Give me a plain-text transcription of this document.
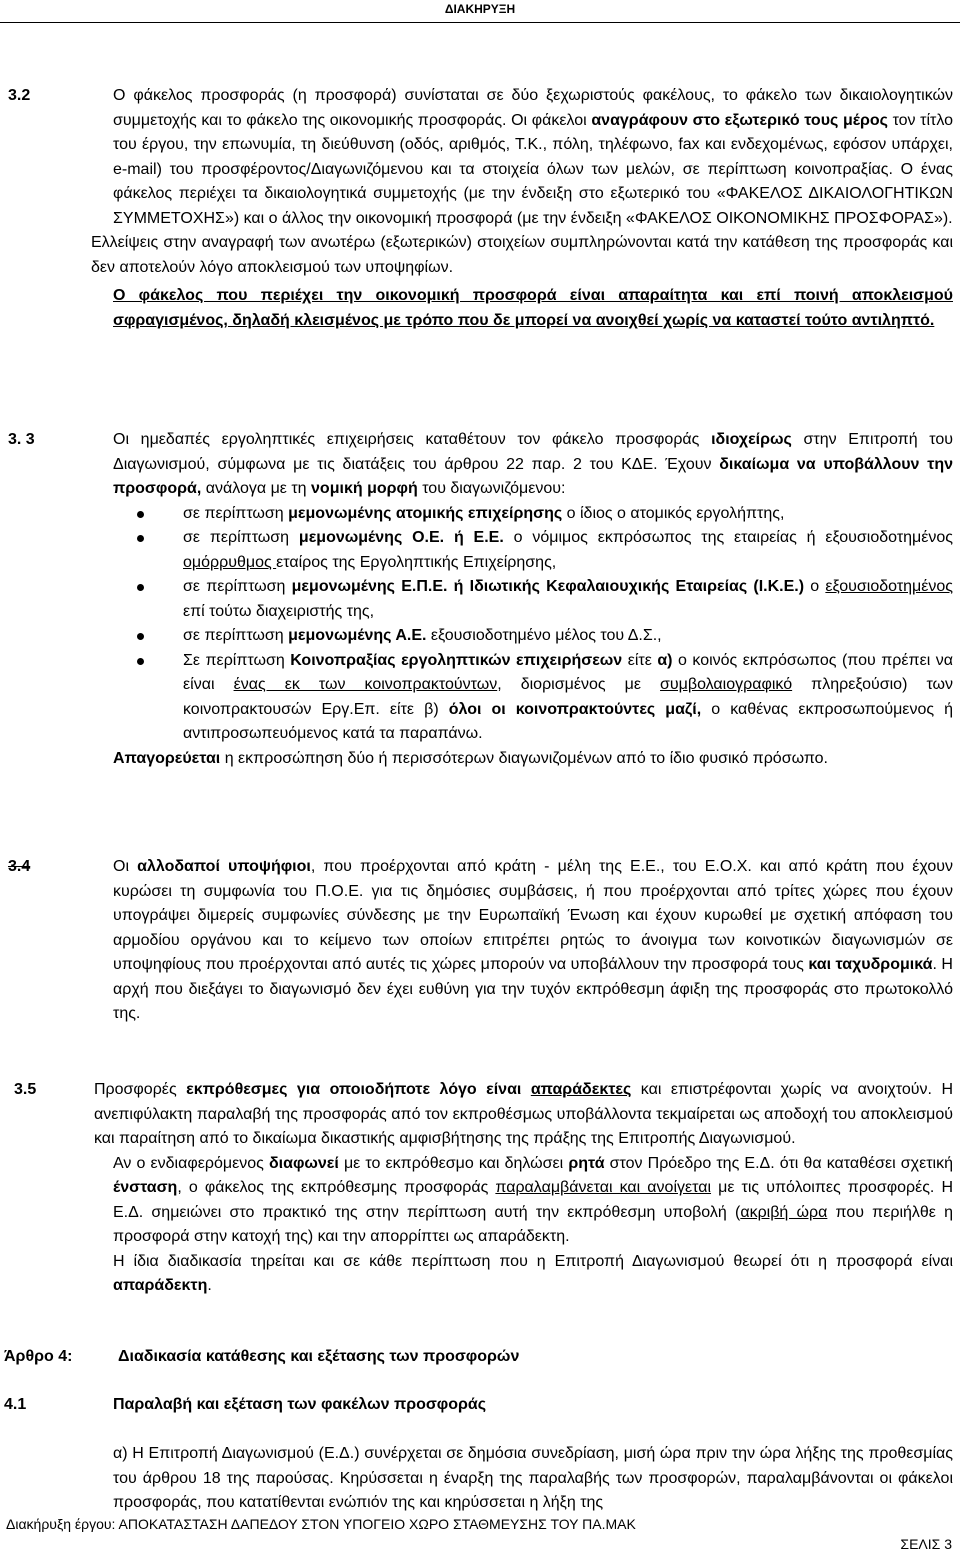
ΔΙΑΚΗΡΥΞΗ
3.2	Ο φάκελος προσφοράς (η προσφορά) συνίσταται σε δύο ξεχωριστούς φακέλους, το φάκελο των δικαιολογητικών συμμετοχής και το φάκελο της οικονομικής προσφοράς. Οι φάκελοι αναγράφουν στο εξωτερικό τους μέρος τον τίτλο του έργου, την επωνυμία, τη διεύθυνση (οδός, αριθμός, Τ.Κ., πόλη, τηλέφωνο, fax και ενδεχομένως, εφόσον υπάρχει, e-mail) του προσφέροντος/Διαγωνιζόμενου και τα στοιχεία όλων των μελών, σε περίπτωση κοινοπραξίας. Ο ένας φάκελος περιέχει τα δικαιολογητικά συμμετοχής (με την ένδειξη στο εξωτερικό του «ΦΑΚΕΛΟΣ ΔΙΚΑΙΟΛΟΓΗΤΙΚΩΝ ΣΥΜΜΕΤΟΧΗΣ») και ο άλλος την οικονομική προσφορά (με την ένδειξη «ΦΑΚΕΛΟΣ ΟΙΚΟΝΟΜΙΚΗΣ ΠΡΟΣΦΟΡΑΣ»).

Ελλείψεις στην αναγραφή των ανωτέρω (εξωτερικών) στοιχείων συμπληρώνονται κατά την κατάθεση της προσφοράς και δεν αποτελούν λόγο αποκλεισμού των υποψηφίων.

Ο φάκελος που περιέχει την οικονομική προσφορά είναι απαραίτητα και επί ποινή αποκλεισμού σφραγισμένος, δηλαδή κλεισμένος με τρόπο που δε μπορεί να ανοιχθεί χωρίς να καταστεί τούτο αντιληπτό.

3. 3	Οι ημεδαπές εργοληπτικές επιχειρήσεις καταθέτουν τον φάκελο προσφοράς ιδιοχείρως στην Επιτροπή του Διαγωνισμού, σύμφωνα με τις διατάξεις του άρθρου 22 παρ. 2 του ΚΔΕ. Έχουν δικαίωμα να υποβάλλουν την προσφορά, ανάλογα με τη νομική μορφή του διαγωνιζόμενου:

σε περίπτωση μεμονωμένης ατομικής επιχείρησης ο ίδιος ο ατομικός εργολήπτης,
σε περίπτωση μεμονωμένης Ο.Ε. ή Ε.Ε. ο νόμιμος εκπρόσωπος της εταιρείας ή εξουσιοδοτημένος ομόρρυθμος εταίρος της Εργοληπτικής Επιχείρησης,
σε περίπτωση μεμονωμένης Ε.Π.Ε. ή Ιδιωτικής Κεφαλαιουχικής Εταιρείας (Ι.Κ.Ε.) ο εξουσιοδοτημένος επί τούτω διαχειριστής της,
σε περίπτωση μεμονωμένης Α.Ε. εξουσιοδοτημένο μέλος του Δ.Σ.,
Σε περίπτωση Κοινοπραξίας εργοληπτικών επιχειρήσεων είτε α) ο κοινός εκπρόσωπος (που πρέπει να είναι ένας εκ των κοινοπρακτούντων, διορισμένος με συμβολαιογραφικό πληρεξούσιο) των κοινοπρακτουσών Εργ.Επ. είτε β) όλοι οι κοινοπρακτούντες μαζί, ο καθένας εκπροσωπούμενος ή αντιπροσωπευόμενος κατά τα παραπάνω.

Απαγορεύεται η εκπροσώπηση δύο ή περισσότερων διαγωνιζομένων από το ίδιο φυσικό πρόσωπο.

3.4	Οι αλλοδαποί υποψήφιοι, που προέρχονται από κράτη - μέλη της Ε.Ε., του Ε.Ο.Χ. και από κράτη που έχουν κυρώσει τη συμφωνία του Π.Ο.Ε. για τις δημόσιες συμβάσεις, ή που προέρχονται από τρίτες χώρες που έχουν υπογράψει διμερείς συμφωνίες σύνδεσης με την Ευρωπαϊκή Ένωση και έχουν κυρωθεί με σχετική απόφαση του αρμοδίου οργάνου και το κείμενο των οποίων επιτρέπει ρητώς το άνοιγμα των κοινοτικών διαγωνισμών σε υποψηφίους που προέρχονται από αυτές τις χώρες μπορούν να υποβάλλουν την προσφορά τους και ταχυδρομικά. Η αρχή που διεξάγει το διαγωνισμό δεν έχει ευθύνη για την τυχόν εκπρόθεσμη άφιξη της προσφοράς στο πρωτοκολλό της.

3.5	Προσφορές εκπρόθεσμες για οποιοδήποτε λόγο είναι απαράδεκτες και επιστρέφονται χωρίς να ανοιχτούν. Η ανεπιφύλακτη παραλαβή της προσφοράς από τον εκπροθέσμως υποβάλλοντα τεκμαίρεται ως αποδοχή του αποκλεισμού και παραίτηση από το δικαίωμα δικαστικής αμφισβήτησης της πράξης της Επιτροπής Διαγωνισμού.

Αν ο ενδιαφερόμενος διαφωνεί με το εκπρόθεσμο και δηλώσει ρητά στον Πρόεδρο της Ε.Δ. ότι θα καταθέσει σχετική ένσταση, ο φάκελος της εκπρόθεσμης προσφοράς παραλαμβάνεται και ανοίγεται με τις υπόλοιπες προσφορές. Η Ε.Δ. σημειώνει στο πρακτικό της στην περίπτωση αυτή την εκπρόθεσμη υποβολή (ακριβή ώρα που περιήλθε η προσφορά στην κατοχή της) και την απορρίπτει ως απαράδεκτη.

Η ίδια διαδικασία τηρείται και σε κάθε περίπτωση που η Επιτροπή Διαγωνισμού θεωρεί ότι η προσφορά είναι απαράδεκτη.

Άρθρο 4:	Διαδικασία κατάθεσης και εξέτασης των προσφορών
4.1	Παραλαβή και εξέταση των φακέλων προσφοράς
α) Η Επιτροπή Διαγωνισμού (Ε.Δ.) συνέρχεται σε δημόσια συνεδρίαση, μισή ώρα πριν την ώρα λήξης της προθεσμίας του άρθρου 18 της παρούσας. Κηρύσσεται η έναρξη της παραλαβής των προσφορών, παραλαμβάνονται οι φάκελοι προσφοράς, που κατατίθενται ενώπιόν της και κηρύσσεται η λήξη της
Διακήρυξη έργου: ΑΠΟΚΑΤΑΣΤΑΣΗ ΔΑΠΕΔΟΥ ΣΤΟΝ ΥΠΟΓΕΙΟ ΧΩΡΟ ΣΤΑΘΜΕΥΣΗΣ ΤΟΥ ΠΑ.ΜΑΚ
ΣΕΛΙΣ 3
